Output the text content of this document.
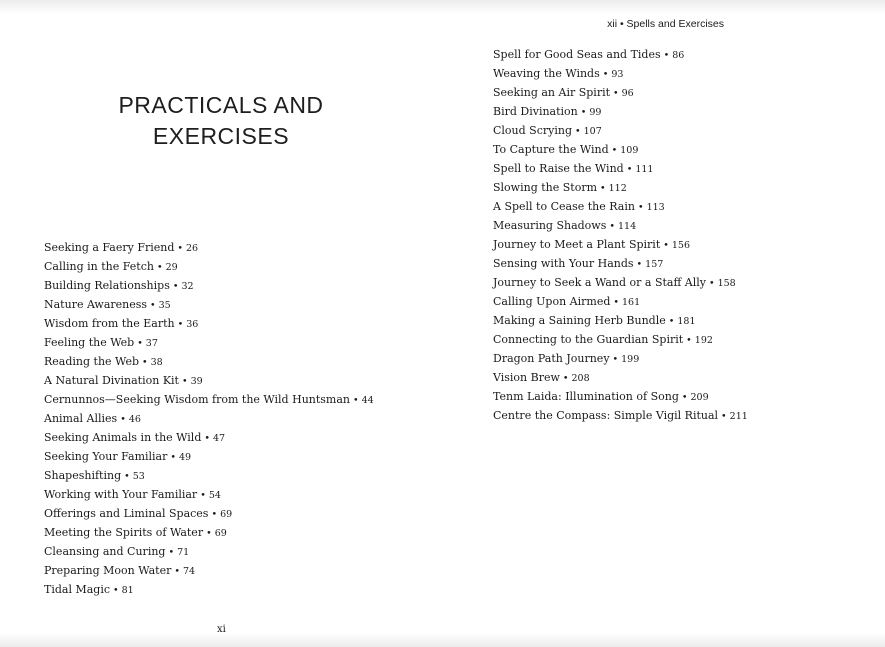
PRACTICALS AND
EXERCISES
Seeking a Faery Friend • 26
Calling in the Fetch • 29
Building Relationships • 32
Nature Awareness • 35
Wisdom from the Earth • 36
Feeling the Web • 37
Reading the Web • 38
A Natural Divination Kit • 39
Cernunnos—Seeking Wisdom from the Wild Huntsman • 44
Animal Allies • 46
Seeking Animals in the Wild • 47
Seeking Your Familiar • 49
Shapeshifting • 53
Working with Your Familiar • 54
Offerings and Liminal Spaces • 69
Meeting the Spirits of Water • 69
Cleansing and Curing • 71
Preparing Moon Water • 74
Tidal Magic • 81
xi
xii • Spells and Exercises
Spell for Good Seas and Tides • 86
Weaving the Winds • 93
Seeking an Air Spirit • 96
Bird Divination • 99
Cloud Scrying • 107
To Capture the Wind • 109
Spell to Raise the Wind • 111
Slowing the Storm • 112
A Spell to Cease the Rain • 113
Measuring Shadows • 114
Journey to Meet a Plant Spirit • 156
Sensing with Your Hands • 157
Journey to Seek a Wand or a Staff Ally • 158
Calling Upon Airmed • 161
Making a Saining Herb Bundle • 181
Connecting to the Guardian Spirit • 192
Dragon Path Journey • 199
Vision Brew • 208
Tenm Laida: Illumination of Song • 209
Centre the Compass: Simple Vigil Ritual • 211
